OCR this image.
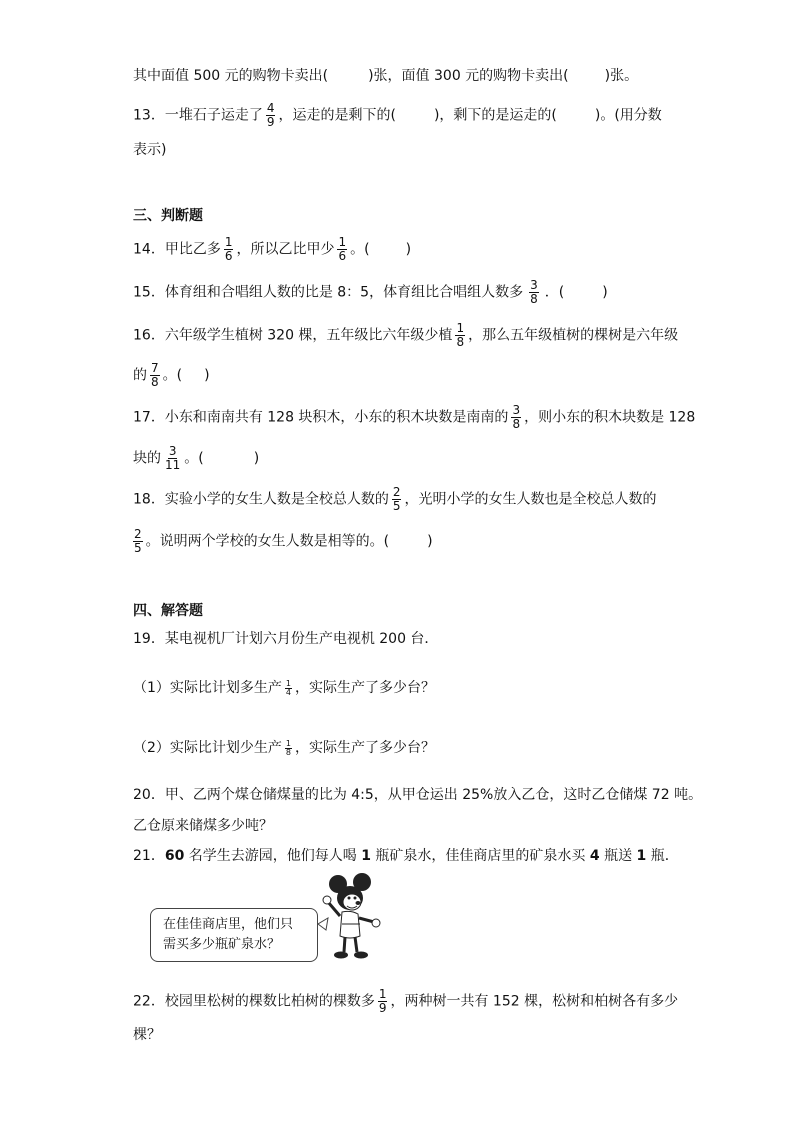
其中面值 500 元的购物卡卖出(	)张，面值 300 元的购物卡卖出(	)张。
13．一堆石子运走了 $\frac{4}{9}$ ，运走的是剩下的(	)，剩下的是运走的(	)。(用分数
表示)
三、判断题
14．甲比乙多 $\frac{1}{6}$ ，所以乙比甲少 $\frac{1}{6}$ 。(	)
15．体育组和合唱组人数的比是 8：5，体育组比合唱组人数多 $\frac{3}{8}$ ．(	)
16．六年级学生植树 320 棵，五年级比六年级少植 $\frac{1}{8}$ ，那么五年级植树的棵树是六年级
的 $\frac{7}{8}$ 。( )
17．小东和南南共有 128 块积木，小东的积木块数是南南的 $\frac{3}{8}$ ，则小东的积木块数是 128
块的 $\frac{3}{11}$ 。(	)
18．实验小学的女生人数是全校总人数的 $\frac{2}{5}$ ，光明小学的女生人数也是全校总人数的
$\frac{2}{5}$ 。说明两个学校的女生人数是相等的。(	)
四、解答题
19．某电视机厂计划六月份生产电视机 200 台．
（1）实际比计划多生产 $\frac{1}{4}$ ，实际生产了多少台？
（2）实际比计划少生产 $\frac{1}{8}$ ，实际生产了多少台？
20．甲、乙两个煤仓储煤量的比为 4:5，从甲仓运出 25%放入乙仓，这时乙仓储煤 72 吨。
乙仓原来储煤多少吨？
21．60 名学生去游园，他们每人喝 1 瓶矿泉水，佳佳商店里的矿泉水买 4 瓶送 1 瓶．
在佳佳商店里，他们只
需买多少瓶矿泉水？
22．校园里松树的棵数比柏树的棵数多 $\frac{1}{9}$ ，两种树一共有 152 棵，松树和柏树各有多少
棵？
